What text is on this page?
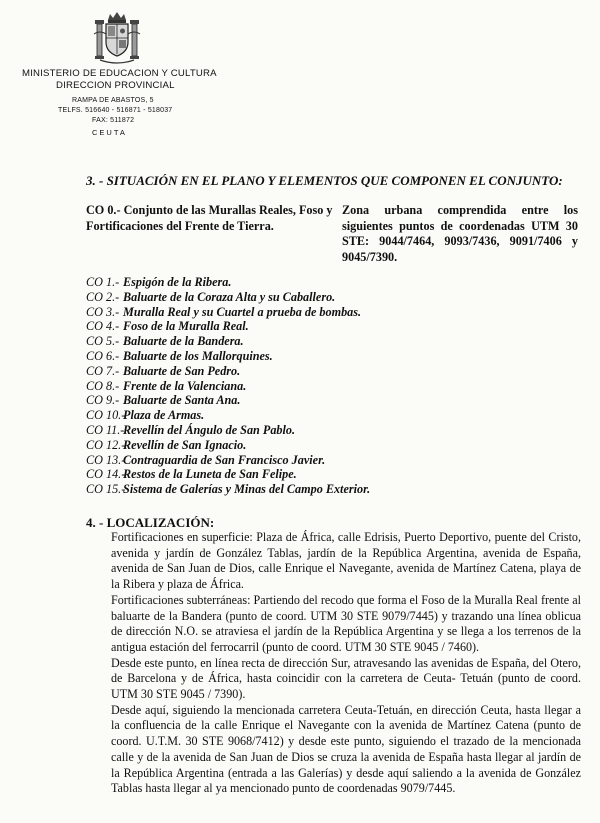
MINISTERIO DE EDUCACION Y CULTURA
DIRECCION PROVINCIAL
RAMPA DE ABASTOS, 5
TELFS. 516640 - 516871 - 518037
FAX: 511872
CEUTA
3. - SITUACIÓN EN EL PLANO Y ELEMENTOS QUE COMPONEN EL CONJUNTO:
CO 0.- Conjunto de las Murallas Reales, Foso y Fortificaciones del Frente de Tierra.
Zona urbana comprendida entre los siguientes puntos de coordenadas UTM 30 STE: 9044/7464, 9093/7436, 9091/7406 y 9045/7390.
CO 1.- Espigón de la Ribera.
CO 2.- Baluarte de la Coraza Alta y su Caballero.
CO 3.- Muralla Real y su Cuartel a prueba de bombas.
CO 4.- Foso de la Muralla Real.
CO 5.- Baluarte de la Bandera.
CO 6.- Baluarte de los Mallorquines.
CO 7.- Baluarte de San Pedro.
CO 8.- Frente de la Valenciana.
CO 9.- Baluarte de Santa Ana.
CO 10.- Plaza de Armas.
CO 11.- Revellín del Ángulo de San Pablo.
CO 12.- Revellín de San Ignacio.
CO 13.- Contraguardia de San Francisco Javier.
CO 14.- Restos de la Luneta de San Felipe.
CO 15.- Sistema de Galerías y Minas del Campo Exterior.
4. - LOCALIZACIÓN:

Fortificaciones en superficie: Plaza de África, calle Edrisis, Puerto Deportivo, puente del Cristo, avenida y jardín de González Tablas, jardín de la República Argentina, avenida de España, avenida de San Juan de Dios, calle Enrique el Navegante, avenida de Martínez Catena, playa de la Ribera y plaza de África.

Fortificaciones subterráneas: Partiendo del recodo que forma el Foso de la Muralla Real frente al baluarte de la Bandera (punto de coord. UTM 30 STE 9079/7445) y trazando una línea oblicua de dirección N.O. se atraviesa el jardín de la República Argentina y se llega a los terrenos de la antigua estación del ferrocarril (punto de coord. UTM 30 STE 9045 / 7460).

Desde este punto, en línea recta de dirección Sur, atravesando las avenidas de España, del Otero, de Barcelona y de África, hasta coincidir con la carretera de Ceuta- Tetuán (punto de coord. UTM 30 STE 9045 / 7390).

Desde aquí, siguiendo la mencionada carretera Ceuta-Tetuán, en dirección Ceuta, hasta llegar a la confluencia de la calle Enrique el Navegante con la avenida de Martínez Catena (punto de coord. U.T.M. 30 STE 9068/7412) y desde este punto, siguiendo el trazado de la mencionada calle y de la avenida de San Juan de Dios se cruza la avenida de España hasta llegar al jardín de la República Argentina (entrada a las Galerías) y desde aquí saliendo a la avenida de González Tablas hasta llegar al ya mencionado punto de coordenadas 9079/7445.
